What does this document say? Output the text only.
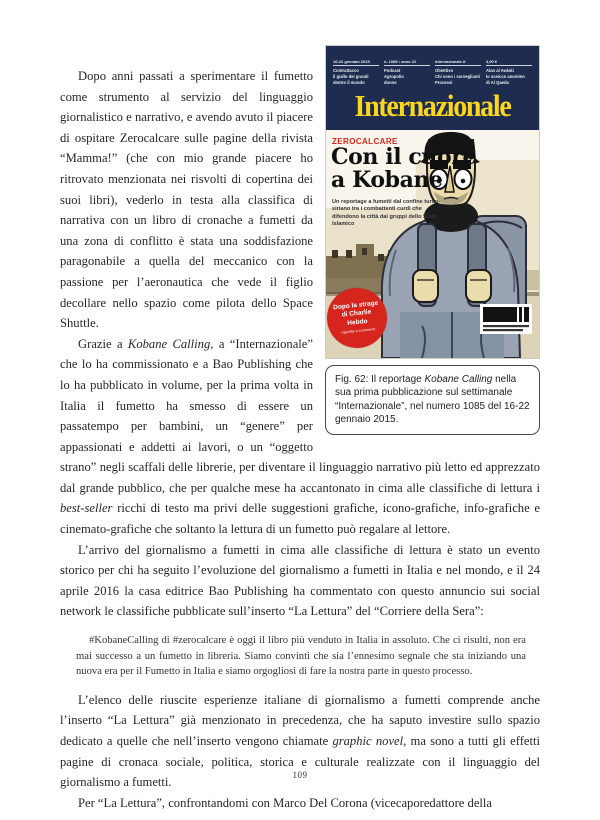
16-22 gennaio 2015
Contrattacco
il giallo dei grandi
dentro il mondo
n. 1085 • anno 22
Podcast
Agropolio
donne
internazionale.it
Obiettivo
Chi sono i sorveglianti
Processi
4,00 €
Alan al Awlaki
lo sceicco anonimo
di Al Qaeda
Internazionale
ZEROCALCARE
Con il cuore
a Kobane
Un reportage a fumetti dal confine turco-siriano tra i combattenti curdi che difendono la città dai gruppi dello Stato islamico
Dopo la strage di Charlie Hebdo
vignette e commenti
Fig. 62: Il reportage Kobane Calling nella sua prima pubblicazione sul settimanale “Internazionale”, nel numero 1085 del 16-22 gennaio 2015.

Dopo anni passati a sperimentare il fumetto come strumento al servizio del linguaggio giornalistico e narrativo, e avendo avuto il piacere di ospitare Zerocalcare sulle pagine della rivista “Mamma!” (che con mio grande piacere ho ritrovato menzionata nei risvolti di copertina dei suoi libri), vederlo in testa alla classifica di narrativa con un libro di cronache a fumetti da una zona di conflitto è stata una soddisfazione paragonabile a quella del meccanico con la passione per l’aeronautica che vede il figlio decollare nello spazio come pilota dello Space Shuttle.

Grazie a Kobane Calling, a “Internazionale” che lo ha commissionato e a Bao Publishing che lo ha pubblicato in volume, per la prima volta in Italia il fumetto ha smesso di essere un passatempo per bambini, un “genere” per appassionati e addetti ai lavori, o un “oggetto strano” negli scaffali delle librerie, per diventare il linguaggio narrativo più letto ed apprezzato dal grande pubblico, che per qualche mese ha accantonato in cima alle classifiche di lettura i best-seller ricchi di testo ma privi delle suggestioni grafiche, icono-grafiche, info-grafiche e cinemato-grafiche che soltanto la lettura di un fumetto può regalare al lettore.

L’arrivo del giornalismo a fumetti in cima alle classifiche di lettura è stato un evento storico per chi ha seguito l’evoluzione del giornalismo a fumetti in Italia e nel mondo, e il 24 aprile 2016 la casa editrice Bao Publishing ha commentato con questo annuncio sui social network le classifiche pubblicate sull’inserto “La Lettura” del “Corriere della Sera”:

#KobaneCalling di #zerocalcare è oggi il libro più venduto in Italia in assoluto. Che ci risulti, non era mai successo a un fumetto in libreria. Siamo convinti che sia l’ennesimo segnale che sta iniziando una nuova era per il Fumetto in Italia e siamo orgogliosi di fare la nostra parte in questo processo.

L’elenco delle riuscite esperienze italiane di giornalismo a fumetti comprende anche l’inserto “La Lettura” già menzionato in precedenza, che ha saputo investire sullo spazio dedicato a quelle che nell’inserto vengono chiamate graphic novel, ma sono a tutti gli effetti pagine di cronaca sociale, politica, storica e culturale realizzate con il linguaggio del giornalismo a fumetti.

Per “La Lettura”, confrontandomi con Marco Del Corona (vicecaporedattore della

109
